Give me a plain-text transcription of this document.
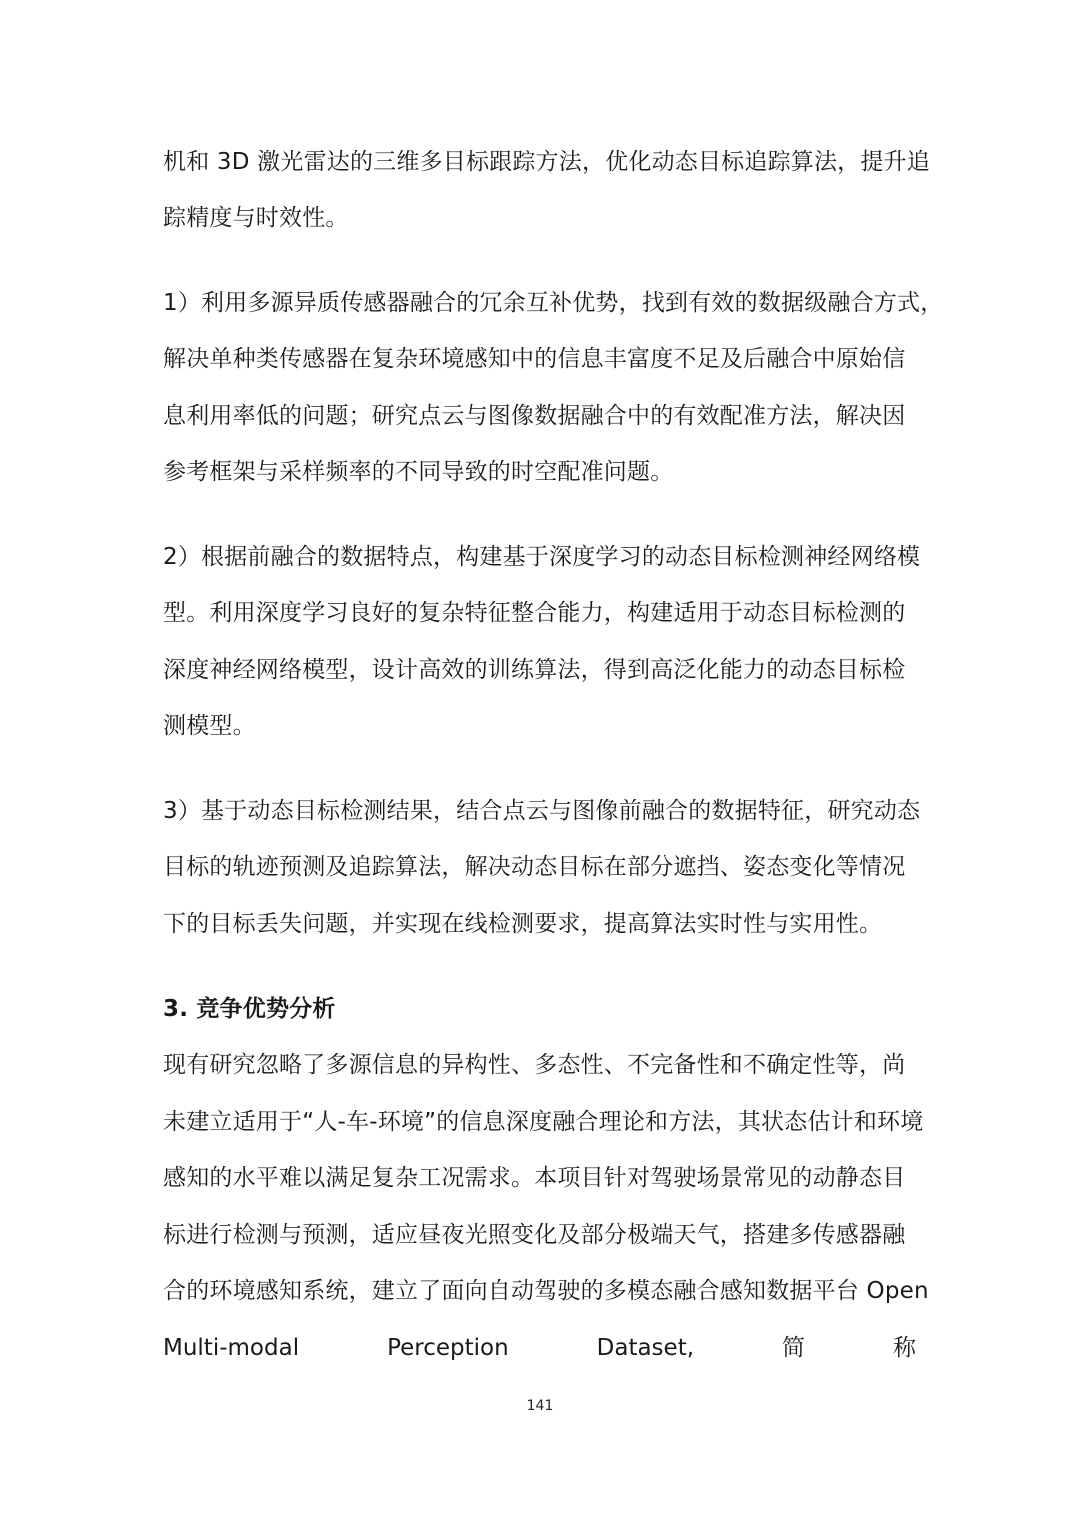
机和 3D 激光雷达的三维多目标跟踪方法，优化动态目标追踪算法，提升追
踪精度与时效性。
1）利用多源异质传感器融合的冗余互补优势，找到有效的数据级融合方式，
解决单种类传感器在复杂环境感知中的信息丰富度不足及后融合中原始信
息利用率低的问题；研究点云与图像数据融合中的有效配准方法，解决因
参考框架与采样频率的不同导致的时空配准问题。
2）根据前融合的数据特点，构建基于深度学习的动态目标检测神经网络模
型。利用深度学习良好的复杂特征整合能力，构建适用于动态目标检测的
深度神经网络模型，设计高效的训练算法，得到高泛化能力的动态目标检
测模型。
3）基于动态目标检测结果，结合点云与图像前融合的数据特征，研究动态
目标的轨迹预测及追踪算法，解决动态目标在部分遮挡、姿态变化等情况
下的目标丢失问题，并实现在线检测要求，提高算法实时性与实用性。
3. 竞争优势分析
现有研究忽略了多源信息的异构性、多态性、不完备性和不确定性等，尚
未建立适用于“人-车-环境”的信息深度融合理论和方法，其状态估计和环境
感知的水平难以满足复杂工况需求。本项目针对驾驶场景常见的动静态目
标进行检测与预测，适应昼夜光照变化及部分极端天气，搭建多传感器融
合的环境感知系统，建立了面向自动驾驶的多模态融合感知数据平台 Open
Multi-modal	Perception	Dataset,	简	称
141
